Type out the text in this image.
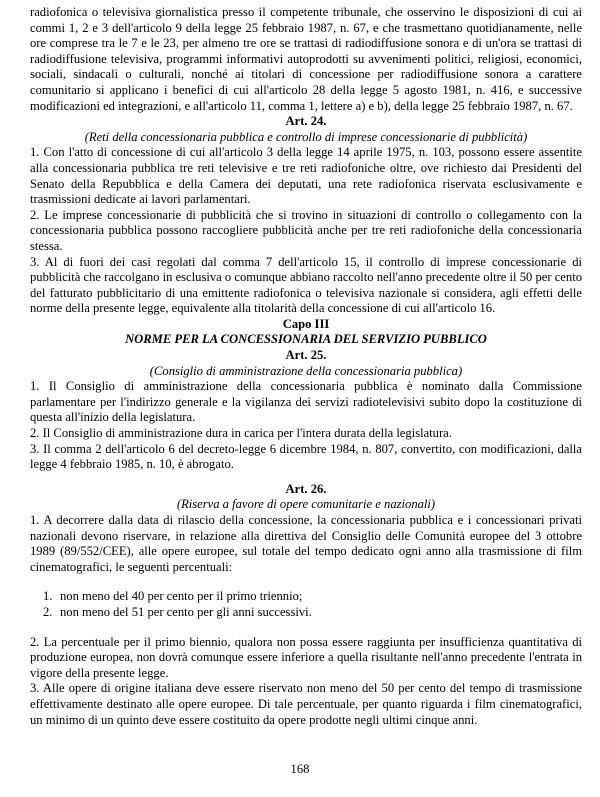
radiofonica o televisiva giornalistica presso il competente tribunale, che osservino le disposizioni di cui ai commi 1, 2 e 3 dell'articolo 9 della legge 25 febbraio 1987, n. 67, e che trasmettano quotidianamente, nelle ore comprese tra le 7 e le 23, per almeno tre ore se trattasi di radiodiffusione sonora e di un'ora se trattasi di radiodiffusione televisiva, programmi informativi autoprodotti su avvenimenti politici, religiosi, economici, sociali, sindacali o culturali, nonché ai titolari di concessione per radiodiffusione sonora a carattere comunitario si applicano i benefici di cui all'articolo 28 della legge 5 agosto 1981, n. 416, e successive modificazioni ed integrazioni, e all'articolo 11, comma 1, lettere a) e b), della legge 25 febbraio 1987, n. 67.

Art. 24.

(Reti della concessionaria pubblica e controllo di imprese concessionarie di pubblicità)

1. Con l'atto di concessione di cui all'articolo 3 della legge 14 aprile 1975, n. 103, possono essere assentite alla concessionaria pubblica tre reti televisive e tre reti radiofoniche oltre, ove richiesto dai Presidenti del Senato della Repubblica e della Camera dei deputati, una rete radiofonica riservata esclusivamente e trasmissioni dedicate ai lavori parlamentari.

2. Le imprese concessionarie di pubblicità che si trovino in situazioni di controllo o collegamento con la concessionaria pubblica possono raccogliere pubblicità anche per tre reti radiofoniche della concessionaria stessa.

3. Al di fuori dei casi regolati dal comma 7 dell'articolo 15, il controllo di imprese concessionarie di pubblicità che raccolgano in esclusiva o comunque abbiano raccolto nell'anno precedente oltre il 50 per cento del fatturato pubblicitario di una emittente radiofonica o televisiva nazionale si considera, agli effetti delle norme della presente legge, equivalente alla titolarità della concessione di cui all'articolo 16.

Capo III

NORME PER LA CONCESSIONARIA DEL SERVIZIO PUBBLICO

Art. 25.

(Consiglio di amministrazione della concessionaria pubblica)

1. Il Consiglio di amministrazione della concessionaria pubblica è nominato dalla Commissione parlamentare per l'indirizzo generale e la vigilanza dei servizi radiotelevisivi subito dopo la costituzione di questa all'inizio della legislatura.

2. Il Consiglio di amministrazione dura in carica per l'intera durata della legislatura.

3. Il comma 2 dell'articolo 6 del decreto-legge 6 dicembre 1984, n. 807, convertito, con modificazioni, dalla legge 4 febbraio 1985, n. 10, è abrogato.

Art. 26.

(Riserva a favore di opere comunitarie e nazionali)

1. A decorrere dalla data di rilascio della concessione, la concessionaria pubblica e i concessionari privati nazionali devono riservare, in relazione alla direttiva del Consiglio delle Comunità europee del 3 ottobre 1989 (89/552/CEE), alle opere europee, sul totale del tempo dedicato ogni anno alla trasmissione di film cinematografici, le seguenti percentuali:

1. non meno del 40 per cento per il primo triennio;
2. non meno del 51 per cento per gli anni successivi.

2. La percentuale per il primo biennio, qualora non possa essere raggiunta per insufficienza quantitativa di produzione europea, non dovrà comunque essere inferiore a quella risultante nell'anno precedente l'entrata in vigore della presente legge.

3. Alle opere di origine italiana deve essere riservato non meno del 50 per cento del tempo di trasmissione effettivamente destinato alle opere europee. Di tale percentuale, per quanto riguarda i film cinematografici, un minimo di un quinto deve essere costituito da opere prodotte negli ultimi cinque anni.

168
